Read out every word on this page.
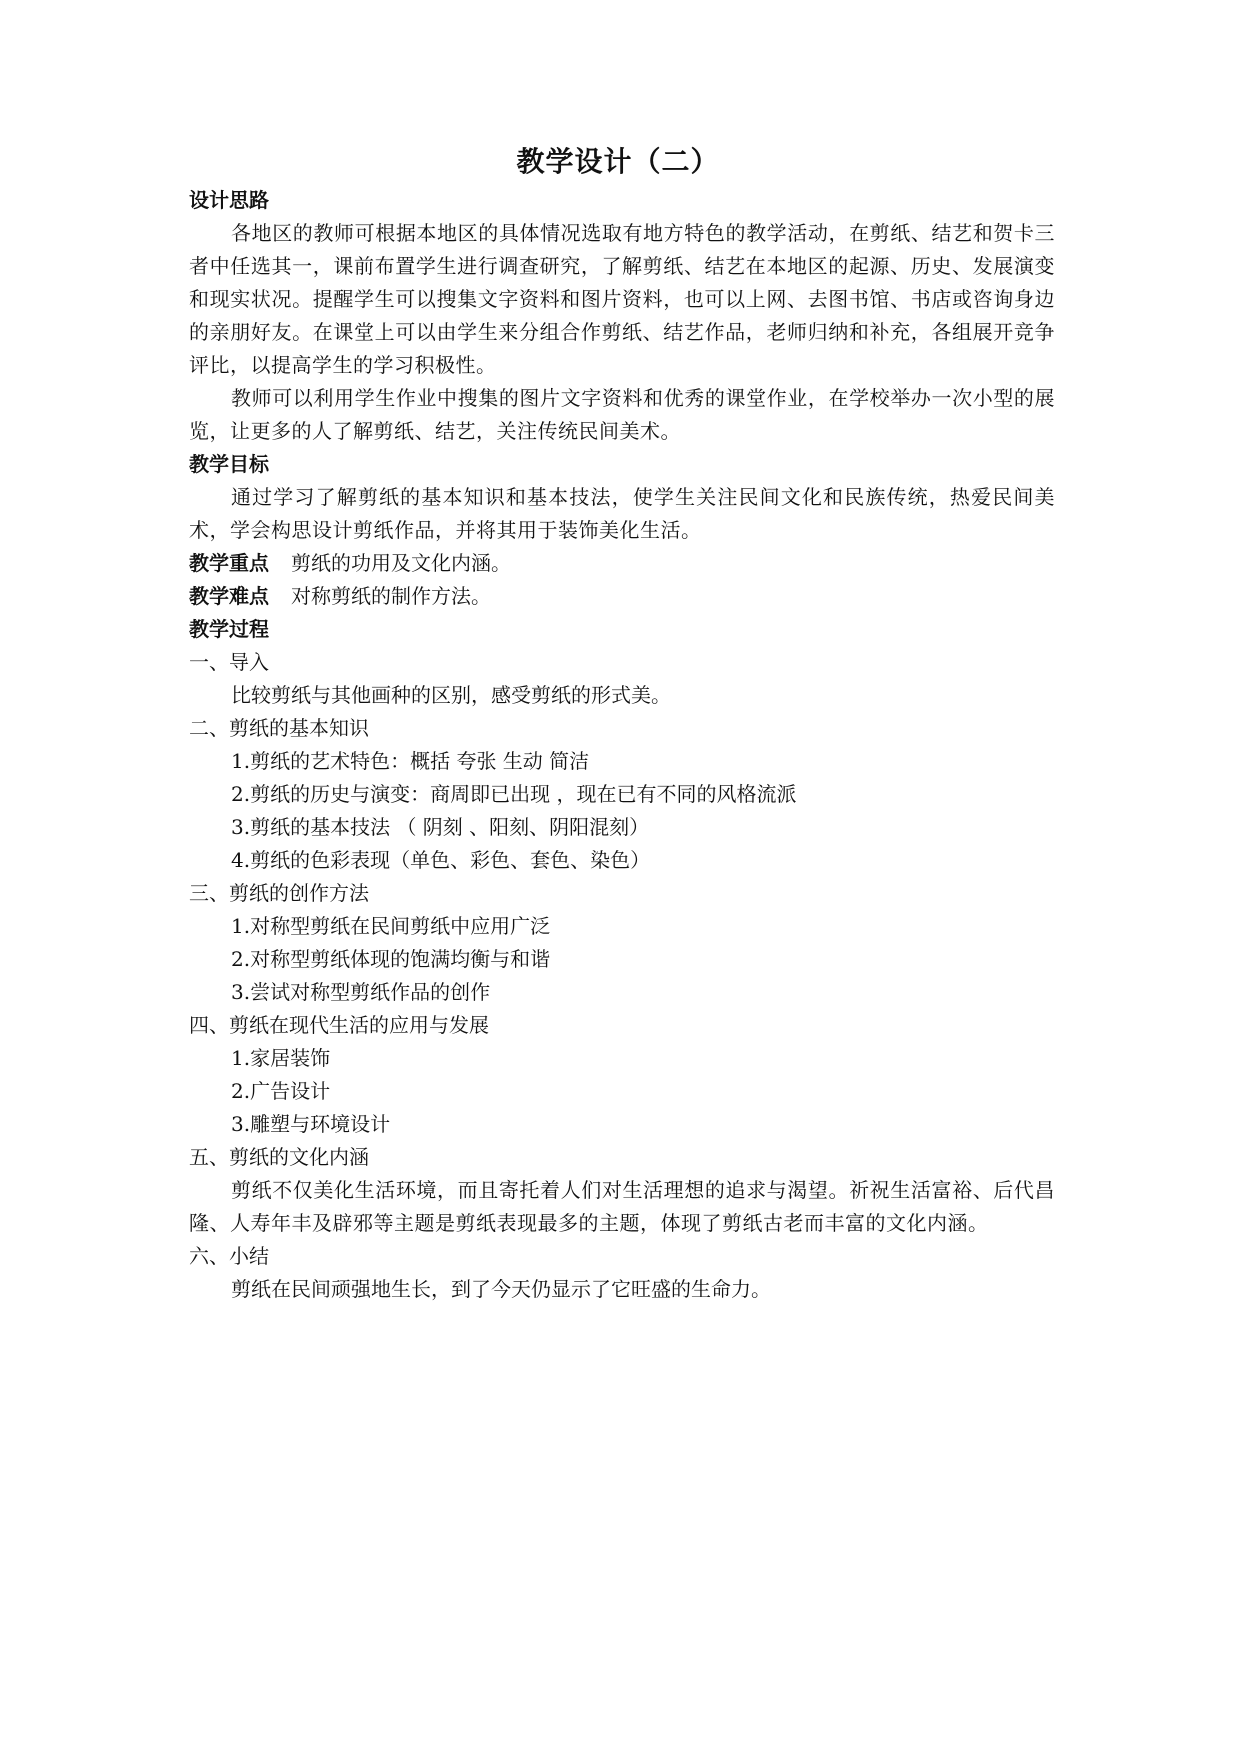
教学设计（二）

设计思路

各地区的教师可根据本地区的具体情况选取有地方特色的教学活动，在剪纸、结艺和贺卡三者中任选其一，课前布置学生进行调查研究，了解剪纸、结艺在本地区的起源、历史、发展演变和现实状况。提醒学生可以搜集文字资料和图片资料，也可以上网、去图书馆、书店或咨询身边的亲朋好友。在课堂上可以由学生来分组合作剪纸、结艺作品，老师归纳和补充，各组展开竞争评比，以提高学生的学习积极性。

教师可以利用学生作业中搜集的图片文字资料和优秀的课堂作业，在学校举办一次小型的展览，让更多的人了解剪纸、结艺，关注传统民间美术。

教学目标

通过学习了解剪纸的基本知识和基本技法，使学生关注民间文化和民族传统，热爱民间美术，学会构思设计剪纸作品，并将其用于装饰美化生活。

教学重点 剪纸的功用及文化内涵。
教学难点 对称剪纸的制作方法。

教学过程

一、导入

比较剪纸与其他画种的区别，感受剪纸的形式美。

二、剪纸的基本知识

1.剪纸的艺术特色：概括 夸张 生动 简洁

2.剪纸的历史与演变：商周即已出现 ，现在已有不同的风格流派

3.剪纸的基本技法 （ 阴刻 、阳刻、阴阳混刻）

4.剪纸的色彩表现（单色、彩色、套色、染色）

三、剪纸的创作方法

1.对称型剪纸在民间剪纸中应用广泛

2.对称型剪纸体现的饱满均衡与和谐

3.尝试对称型剪纸作品的创作

四、剪纸在现代生活的应用与发展

1.家居装饰

2.广告设计

3.雕塑与环境设计

五、剪纸的文化内涵

剪纸不仅美化生活环境，而且寄托着人们对生活理想的追求与渴望。祈祝生活富裕、后代昌隆、人寿年丰及辟邪等主题是剪纸表现最多的主题，体现了剪纸古老而丰富的文化内涵。

六、小结

剪纸在民间顽强地生长，到了今天仍显示了它旺盛的生命力。
